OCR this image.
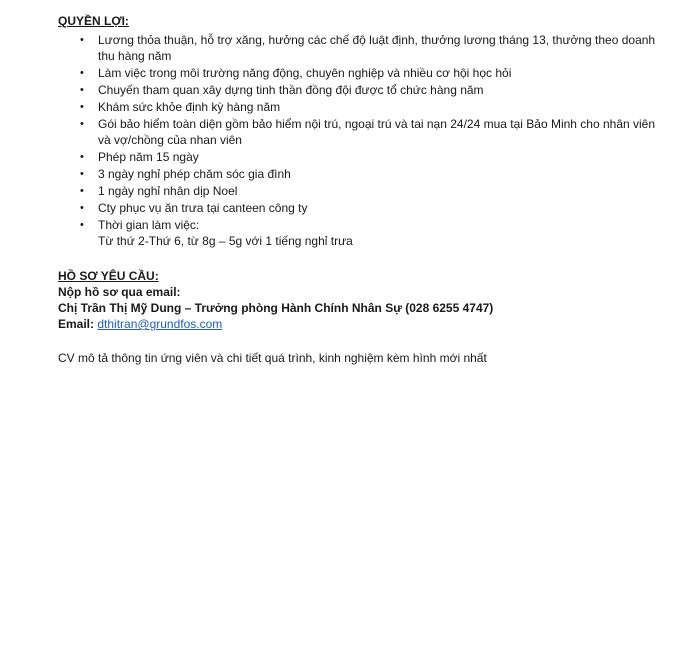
QUYỀN LỢI:

• Lương thỏa thuận, hỗ trợ xăng, hưởng các chế độ luật định, thưởng lương tháng 13, thưởng theo doanh thu hàng năm
• Làm việc trong môi trường năng động, chuyên nghiệp và nhiều cơ hội học hỏi
• Chuyến tham quan xây dựng tinh thần đồng đội được tổ chức hàng năm
• Khám sức khỏe định kỳ hàng năm
• Gói bảo hiểm toàn diện gồm bảo hiểm nội trú, ngoại trú và tai nạn 24/24 mua tại Bảo Minh cho nhân viên và vợ/chồng của nhan viên
• Phép năm 15 ngày
• 3 ngày nghỉ phép chăm sóc gia đình
• 1 ngày nghỉ nhân dịp Noel
• Cty phục vụ ăn trưa tại canteen công ty
• Thời gian làm việc:
Từ thứ 2-Thứ 6, từ 8g – 5g với 1 tiếng nghỉ trưa

HỒ SƠ YÊU CẦU:

Nộp hồ sơ qua email:

Chị Trần Thị Mỹ Dung – Trưởng phòng Hành Chính Nhân Sự (028 6255 4747)

Email: dthitran@grundfos.com

CV mô tả thông tin ứng viên và chi tiết quá trình, kinh nghiệm kèm hình mới nhất
